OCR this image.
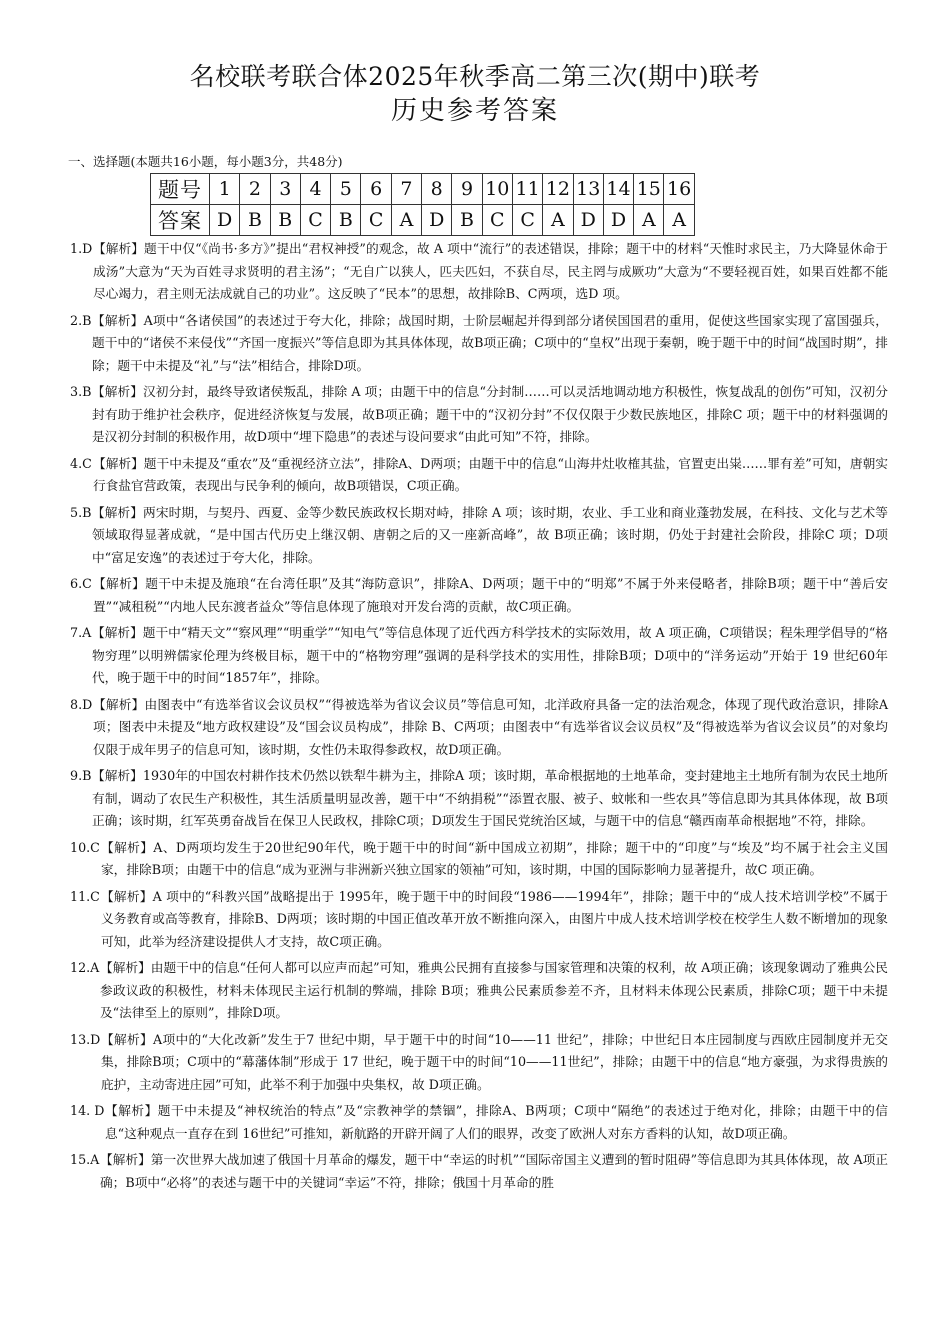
名校联考联合体2025年秋季高二第三次(期中)联考
历史参考答案
一、选择题(本题共16小题，每小题3分，共48分)
题号	1	2	3	4	5	6	7	8	9	10	11	12	13	14	15	16
答案	D	B	B	C	B	C	A	D	B	C	C	A	D	D	A	A
1.D 【解析】题干中仅“《尚书·多方》”提出“君权神授”的观念，故 A 项中“流行”的表述错误，排除；题干中的材料“天惟时求民主，乃大降显休命于成汤”大意为“天为百姓寻求贤明的君主汤”；“无自广以狭人，匹夫匹妇，不获自尽，民主罔与成厥功”大意为“不要轻视百姓，如果百姓都不能尽心竭力，君主则无法成就自己的功业”。这反映了“民本”的思想，故排除B、C两项，选D 项。
2.B 【解析】A项中“各诸侯国”的表述过于夸大化，排除；战国时期，士阶层崛起并得到部分诸侯国国君的重用，促使这些国家实现了富国强兵，题干中的“诸侯不来侵伐”“齐国一度振兴”等信息即为其具体体现，故B项正确；C项中的“皇权”出现于秦朝，晚于题干中的时间“战国时期”，排除；题干中未提及“礼”与“法”相结合，排除D项。
3.B 【解析】汉初分封，最终导致诸侯叛乱，排除 A 项；由题干中的信息“分封制……可以灵活地调动地方积极性，恢复战乱的创伤”可知，汉初分封有助于维护社会秩序，促进经济恢复与发展，故B项正确；题干中的“汉初分封”不仅仅限于少数民族地区，排除C 项；题干中的材料强调的是汉初分封制的积极作用，故D项中“埋下隐患”的表述与设问要求“由此可知”不符，排除。
4.C 【解析】题干中未提及“重农”及“重视经济立法”，排除A、D两项；由题干中的信息“山海井灶收榷其盐，官置吏出粜……罪有差”可知，唐朝实行食盐官营政策，表现出与民争利的倾向，故B项错误，C项正确。
5.B 【解析】两宋时期，与契丹、西夏、金等少数民族政权长期对峙，排除 A 项；该时期，农业、手工业和商业蓬勃发展，在科技、文化与艺术等领域取得显著成就，“是中国古代历史上继汉朝、唐朝之后的又一座新高峰”，故 B项正确；该时期，仍处于封建社会阶段，排除C 项；D项中“富足安逸”的表述过于夸大化，排除。
6.C 【解析】题干中未提及施琅“在台湾任职”及其“海防意识”，排除A、D两项；题干中的“明郑”不属于外来侵略者，排除B项；题干中“善后安置”“减租税”“内地人民东渡者益众”等信息体现了施琅对开发台湾的贡献，故C项正确。
7.A 【解析】题干中“精天文”“察风理”“明重学”“知电气”等信息体现了近代西方科学技术的实际效用，故 A 项正确，C项错误；程朱理学倡导的“格物穷理”以明辨儒家伦理为终极目标，题干中的“格物穷理”强调的是科学技术的实用性，排除B项；D项中的“洋务运动”开始于 19 世纪60年代，晚于题干中的时间“1857年”，排除。
8.D 【解析】由图表中“有选举省议会议员权”“得被选举为省议会议员”等信息可知，北洋政府具备一定的法治观念，体现了现代政治意识，排除A项；图表中未提及“地方政权建设”及“国会议员构成”，排除 B、C两项；由图表中“有选举省议会议员权”及“得被选举为省议会议员”的对象均仅限于成年男子的信息可知，该时期，女性仍未取得参政权，故D项正确。
9.B 【解析】1930年的中国农村耕作技术仍然以铁犁牛耕为主，排除A 项；该时期，革命根据地的土地革命，变封建地主土地所有制为农民土地所有制，调动了农民生产积极性，其生活质量明显改善，题干中“不纳捐税”“添置衣服、被子、蚊帐和一些农具”等信息即为其具体体现，故 B项正确；该时期，红军英勇奋战旨在保卫人民政权，排除C项；D项发生于国民党统治区域，与题干中的信息“赣西南革命根据地”不符，排除。
10.C 【解析】A、D两项均发生于20世纪90年代，晚于题干中的时间“新中国成立初期”，排除；题干中的“印度”与“埃及”均不属于社会主义国家，排除B项；由题干中的信息“成为亚洲与非洲新兴独立国家的领袖”可知，该时期，中国的国际影响力显著提升，故C 项正确。
11.C 【解析】A 项中的“科教兴国”战略提出于 1995年，晚于题干中的时间段“1986——1994年”，排除；题干中的“成人技术培训学校”不属于义务教育或高等教育，排除B、D两项；该时期的中国正值改革开放不断推向深入，由图片中成人技术培训学校在校学生人数不断增加的现象可知，此举为经济建设提供人才支持，故C项正确。
12.A 【解析】由题干中的信息“任何人都可以应声而起”可知，雅典公民拥有直接参与国家管理和决策的权利，故 A项正确；该现象调动了雅典公民参政议政的积极性，材料未体现民主运行机制的弊端，排除 B项；雅典公民素质参差不齐，且材料未体现公民素质，排除C项；题干中未提及“法律至上的原则”，排除D项。
13.D 【解析】A项中的“大化改新”发生于7 世纪中期，早于题干中的时间“10——11 世纪”，排除；中世纪日本庄园制度与西欧庄园制度并无交集，排除B项；C项中的“幕藩体制”形成于 17 世纪，晚于题干中的时间“10——11世纪”，排除；由题干中的信息“地方豪强，为求得贵族的庇护，主动寄进庄园”可知，此举不利于加强中央集权，故 D项正确。
14. D 【解析】题干中未提及“神权统治的特点”及“宗教神学的禁锢”，排除A、B两项；C项中“隔绝”的表述过于绝对化，排除；由题干中的信息“这种观点一直存在到 16世纪”可推知，新航路的开辟开阔了人们的眼界，改变了欧洲人对东方香料的认知，故D项正确。
15.A 【解析】第一次世界大战加速了俄国十月革命的爆发，题干中“幸运的时机”“国际帝国主义遭到的暂时阻碍”等信息即为其具体体现，故 A项正确；B项中“必将”的表述与题干中的关键词“幸运”不符，排除；俄国十月革命的胜
